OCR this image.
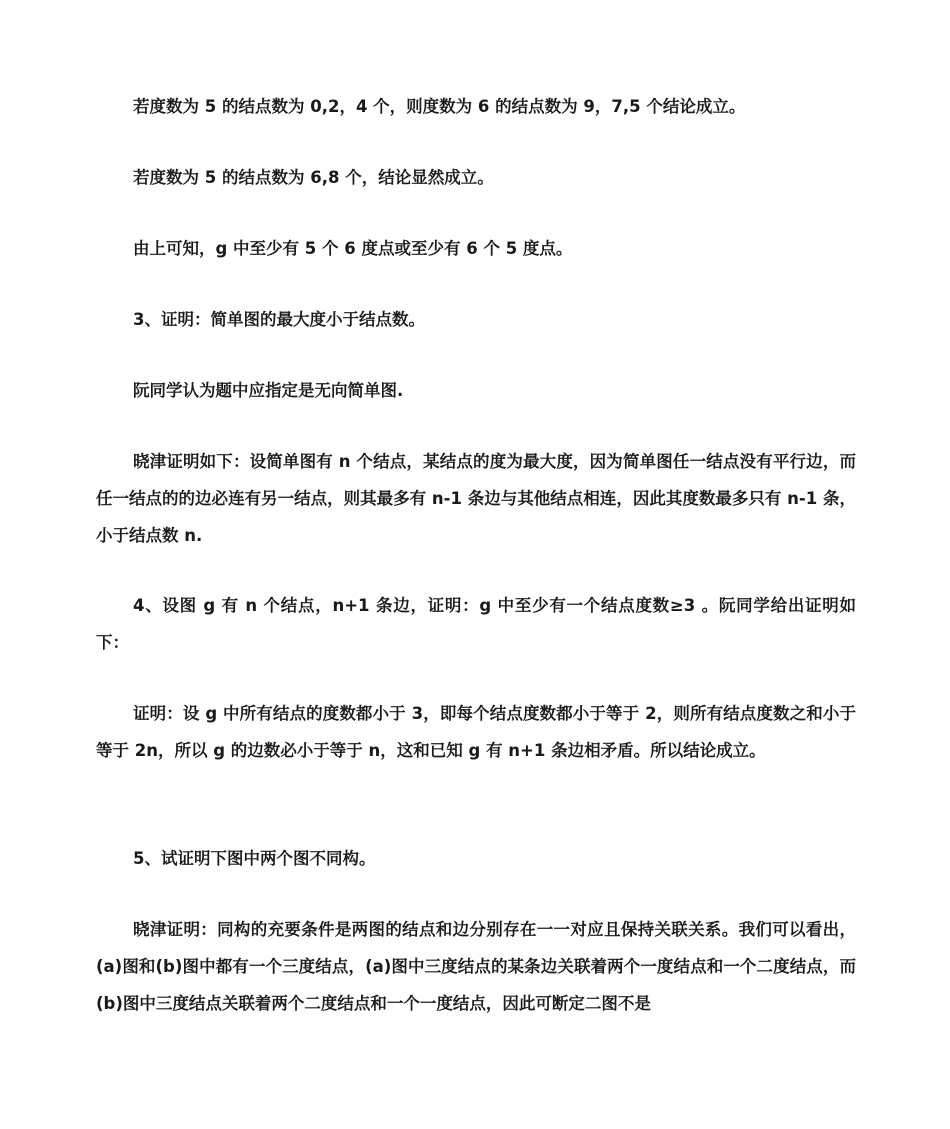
若度数为 5 的结点数为 0,2，4 个，则度数为 6 的结点数为 9，7,5 个结论成立。

若度数为 5 的结点数为 6,8 个，结论显然成立。

由上可知，g 中至少有 5 个 6 度点或至少有 6 个 5 度点。

3、证明：简单图的最大度小于结点数。

阮同学认为题中应指定是无向简单图.

晓津证明如下：设简单图有 n 个结点，某结点的度为最大度，因为简单图任一结点没有平行边，而任一结点的的边必连有另一结点，则其最多有 n-1 条边与其他结点相连，因此其度数最多只有 n-1 条，小于结点数 n.

4、设图 g 有 n 个结点，n+1 条边，证明：g 中至少有一个结点度数≥3 。阮同学给出证明如下：

证明：设 g 中所有结点的度数都小于 3，即每个结点度数都小于等于 2，则所有结点度数之和小于等于 2n，所以 g 的边数必小于等于 n，这和已知 g 有 n+1 条边相矛盾。所以结论成立。

5、试证明下图中两个图不同构。

晓津证明：同构的充要条件是两图的结点和边分别存在一一对应且保持关联关系。我们可以看出，(a)图和(b)图中都有一个三度结点，(a)图中三度结点的某条边关联着两个一度结点和一个二度结点，而(b)图中三度结点关联着两个二度结点和一个一度结点，因此可断定二图不是
